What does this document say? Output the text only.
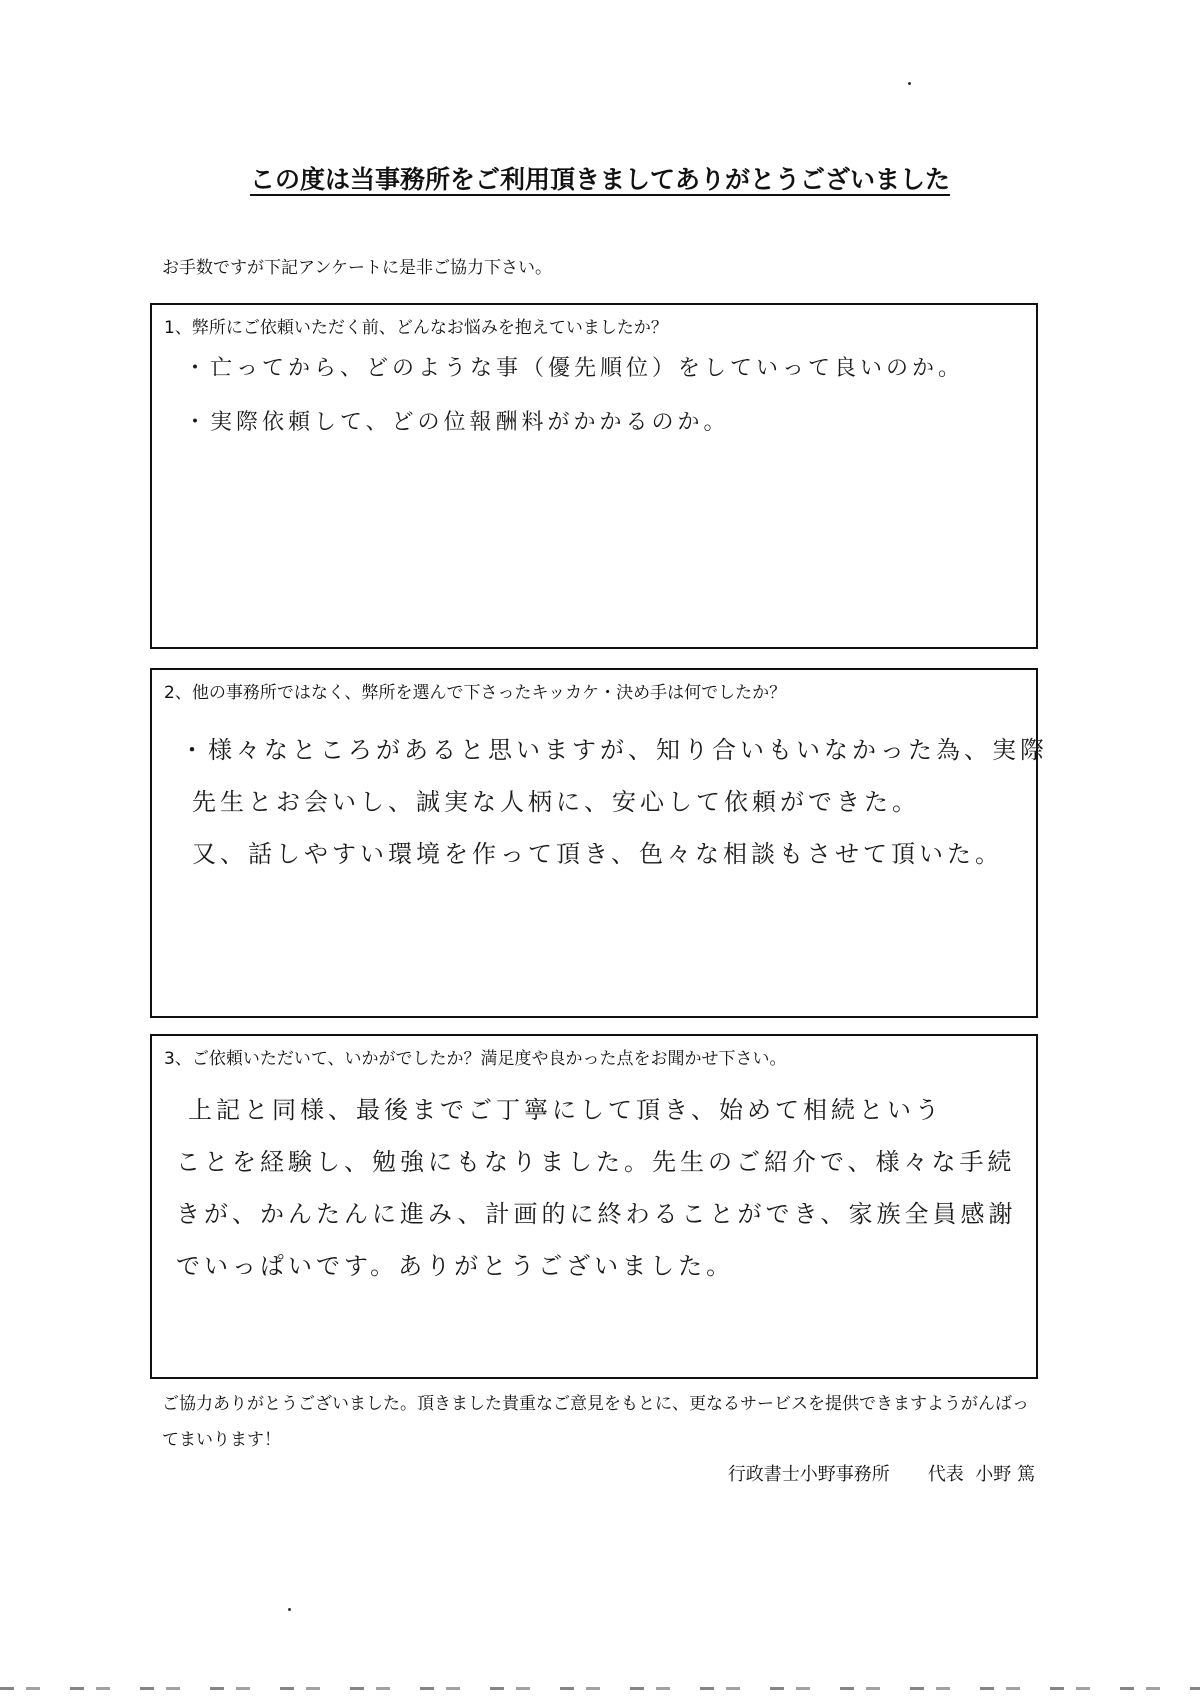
この度は当事務所をご利用頂きましてありがとうございました
お手数ですが下記アンケートに是非ご協力下さい。
1、弊所にご依頼いただく前、どんなお悩みを抱えていましたか？
・亡ってから、どのような事（優先順位）をしていって良いのか。
・実際依頼して、どの位報酬料がかかるのか。
2、他の事務所ではなく、弊所を選んで下さったキッカケ・決め手は何でしたか？
・様々なところがあると思いますが、知り合いもいなかった為、実際
先生とお会いし、誠実な人柄に、安心して依頼ができた。
又、話しやすい環境を作って頂き、色々な相談もさせて頂いた。
3、ご依頼いただいて、いかがでしたか？満足度や良かった点をお聞かせ下さい。
上記と同様、最後までご丁寧にして頂き、始めて相続という
ことを経験し、勉強にもなりました。先生のご紹介で、様々な手続
きが、かんたんに進み、計画的に終わることができ、家族全員感謝
でいっぱいです。ありがとうございました。
ご協力ありがとうございました。頂きました貴重なご意見をもとに、更なるサービスを提供できますようがんばってまいります！
行政書士小野事務所 代表 小野 篤
